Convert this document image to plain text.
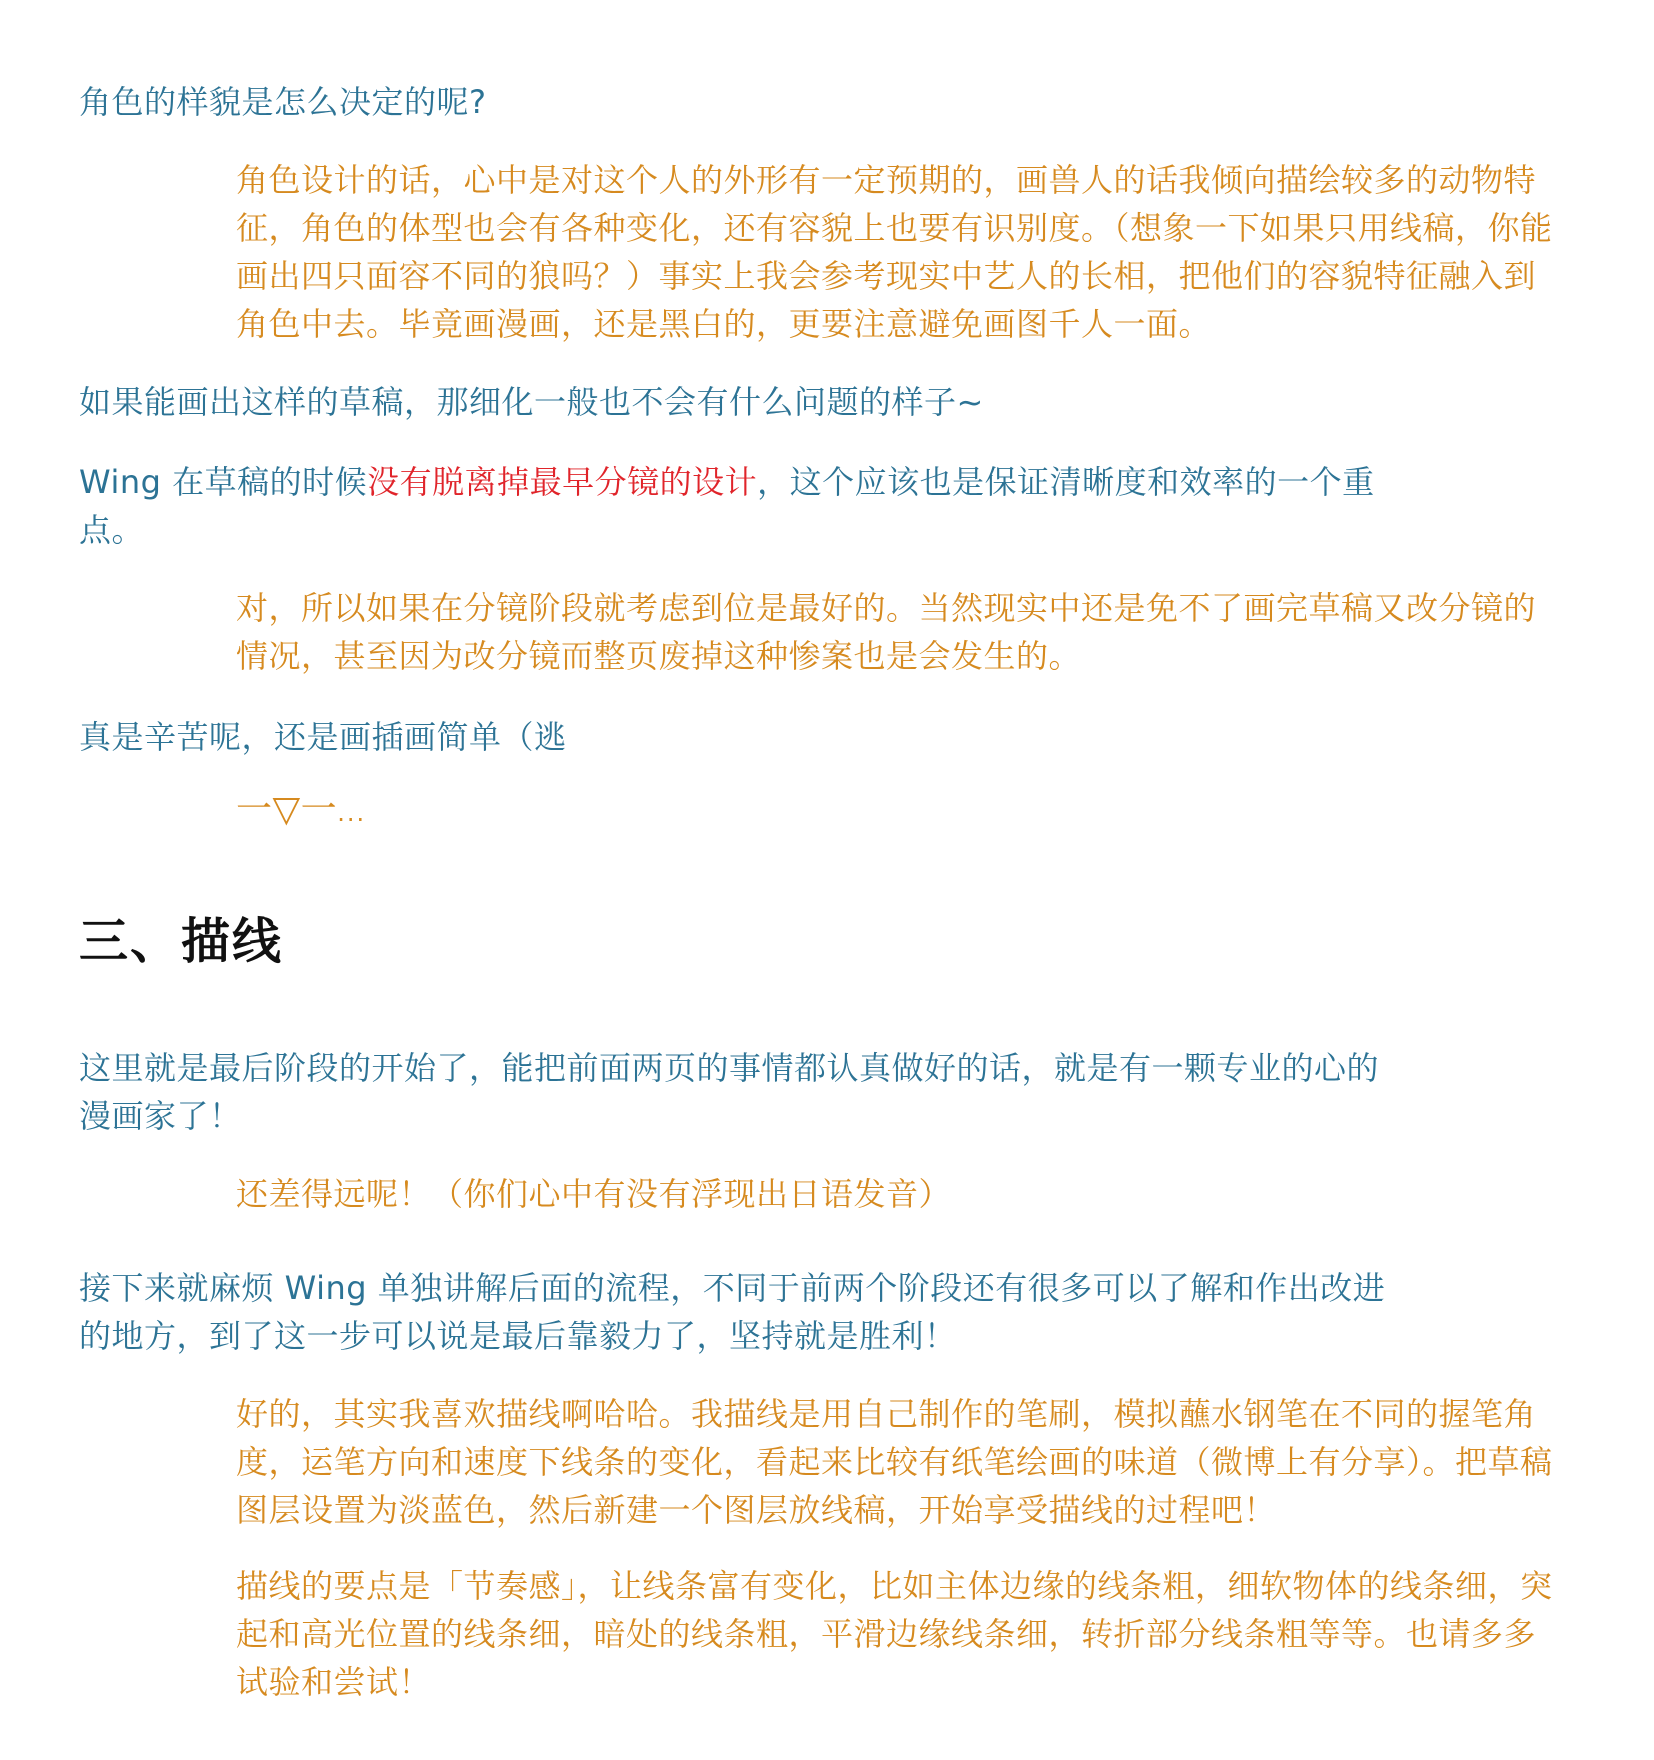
角色的样貌是怎么决定的呢?

角色设计的话，心中是对这个人的外形有一定预期的，画兽人的话我倾向描绘较多的动物特征，角色的体型也会有各种变化，还有容貌上也要有识别度。（想象一下如果只用线稿，你能画出四只面容不同的狼吗？）事实上我会参考现实中艺人的长相，把他们的容貌特征融入到角色中去。毕竟画漫画，还是黑白的，更要注意避免画图千人一面。

如果能画出这样的草稿，那细化一般也不会有什么问题的样子~

Wing 在草稿的时候没有脱离掉最早分镜的设计，这个应该也是保证清晰度和效率的一个重点。

对，所以如果在分镜阶段就考虑到位是最好的。当然现实中还是免不了画完草稿又改分镜的情况，甚至因为改分镜而整页废掉这种惨案也是会发生的。

真是辛苦呢，还是画插画简单（逃

一▽一...

三、描线

这里就是最后阶段的开始了，能把前面两页的事情都认真做好的话，就是有一颗专业的心的漫画家了！

还差得远呢！（你们心中有没有浮现出日语发音）

接下来就麻烦 Wing 单独讲解后面的流程，不同于前两个阶段还有很多可以了解和作出改进的地方，到了这一步可以说是最后靠毅力了，坚持就是胜利！

好的，其实我喜欢描线啊哈哈。我描线是用自己制作的笔刷，模拟蘸水钢笔在不同的握笔角度，运笔方向和速度下线条的变化，看起来比较有纸笔绘画的味道（微博上有分享）。把草稿图层设置为淡蓝色，然后新建一个图层放线稿，开始享受描线的过程吧！

描线的要点是「节奏感」，让线条富有变化，比如主体边缘的线条粗，细软物体的线条细，突起和高光位置的线条细，暗处的线条粗，平滑边缘线条细，转折部分线条粗等等。也请多多试验和尝试！
